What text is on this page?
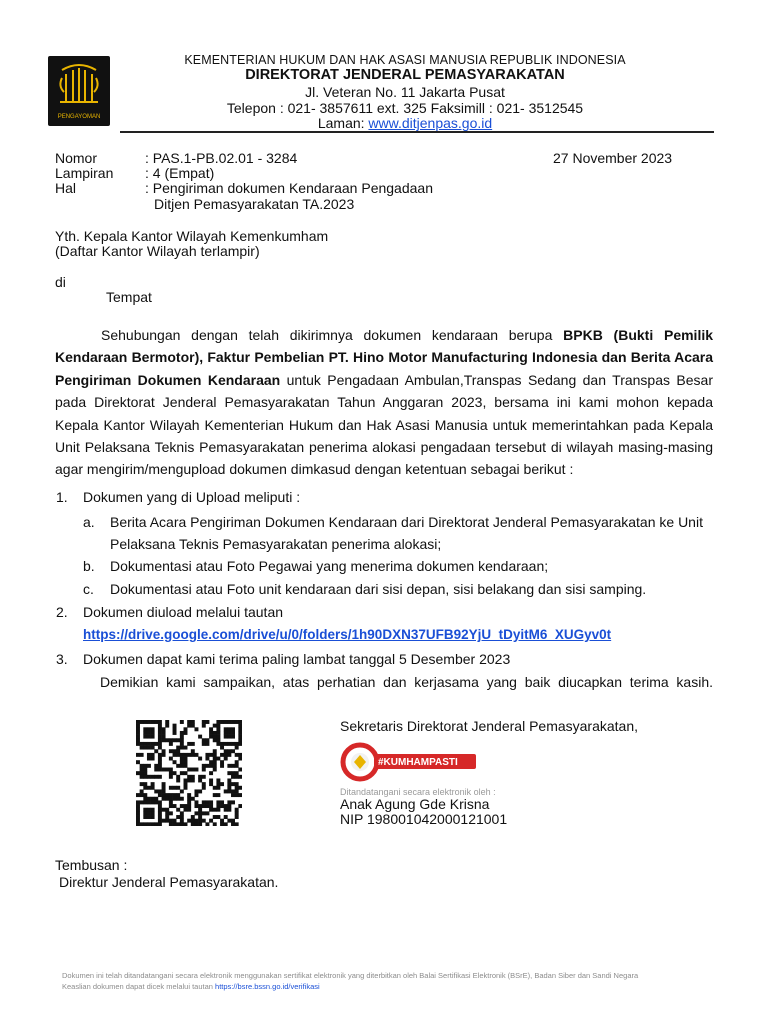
PENGAYOMAN
KEMENTERIAN HUKUM DAN HAK ASASI MANUSIA REPUBLIK INDONESIA
DIREKTORAT JENDERAL PEMASYARAKATAN
Jl. Veteran No. 11 Jakarta Pusat
Telepon : 021- 3857611 ext. 325 Faksimill : 021- 3512545
Laman: www.ditjenpas.go.id
Nomor	: PAS.1-PB.02.01 - 3284	27 November 2023
Lampiran : 4 (Empat)
Hal	: Pengiriman dokumen Kendaraan Pengadaan
Ditjen Pemasyarakatan TA.2023
Yth. Kepala Kantor Wilayah Kemenkumham
(Daftar Kantor Wilayah terlampir)
di
Tempat

Sehubungan dengan telah dikirimnya dokumen kendaraan berupa BPKB (Bukti Pemilik Kendaraan Bermotor), Faktur Pembelian PT. Hino Motor Manufacturing Indonesia dan Berita Acara Pengiriman Dokumen Kendaraan untuk Pengadaan Ambulan,Transpas Sedang dan Transpas Besar pada Direktorat Jenderal Pemasyarakatan Tahun Anggaran 2023, bersama ini kami mohon kepada Kepala Kantor Wilayah Kementerian Hukum dan Hak Asasi Manusia untuk memerintahkan pada Kepala Unit Pelaksana Teknis Pemasyarakatan penerima alokasi pengadaan tersebut di wilayah masing-masing agar mengirim/mengupload dokumen dimkasud dengan ketentuan sebagai berikut :

1. Dokumen yang di Upload meliputi :
a. Berita Acara Pengiriman Dokumen Kendaraan dari Direktorat Jenderal Pemasyarakatan ke Unit
Pelaksana Teknis Pemasyarakatan penerima alokasi;
b. Dokumentasi atau Foto Pegawai yang menerima dokumen kendaraan;
c. Dokumentasi atau Foto unit kendaraan dari sisi depan, sisi belakang dan sisi samping.
2. Dokumen diuload melalui tautan
https://drive.google.com/drive/u/0/folders/1h90DXN37UFB92YjU_tDyitM6_XUGyv0t
3. Dokumen dapat kami terima paling lambat tanggal 5 Desember 2023
Demikian kami sampaikan, atas perhatian dan kerjasama yang baik diucapkan terima kasih.
Sekretaris Direktorat Jenderal Pemasyarakatan,
#KUMHAMPASTI
Ditandatangani secara elektronik oleh :
Anak Agung Gde Krisna
NIP 198001042000121001
Tembusan :
Direktur Jenderal Pemasyarakatan.
Dokumen ini telah ditandatangani secara elektronik menggunakan sertifikat elektronik yang diterbitkan oleh Balai Sertifikasi Elektronik (BSrE), Badan Siber dan Sandi Negara
Keaslian dokumen dapat dicek melalui tautan https://bsre.bssn.go.id/verifikasi
